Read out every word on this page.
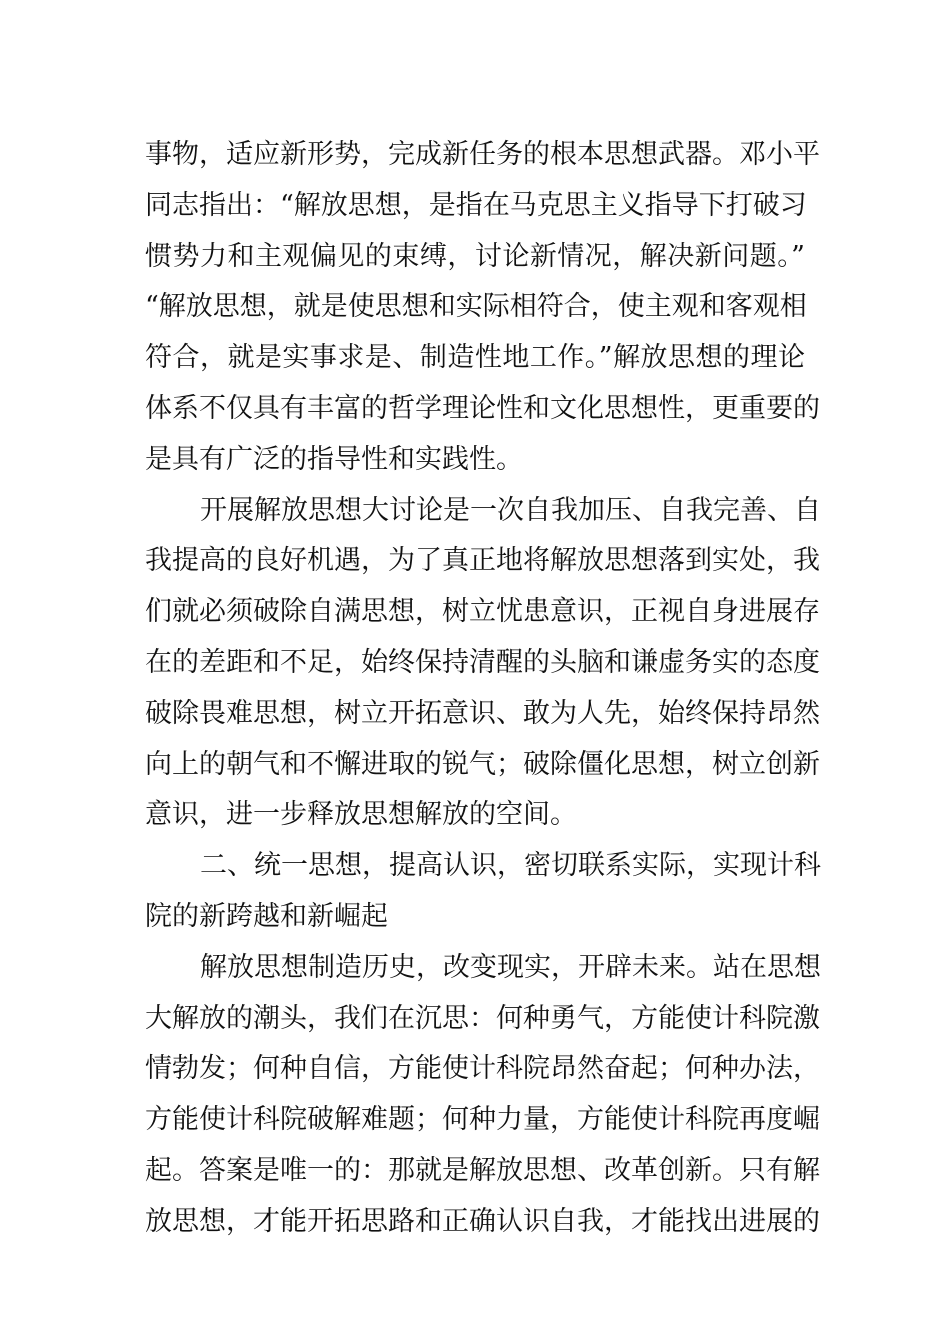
事物，适应新形势，完成新任务的根本思想武器。邓小平
同志指出：“解放思想，是指在马克思主义指导下打破习
惯势力和主观偏见的束缚，讨论新情况，解决新问题。”
“解放思想，就是使思想和实际相符合，使主观和客观相
符合，就是实事求是、制造性地工作。”解放思想的理论
体系不仅具有丰富的哲学理论性和文化思想性，更重要的
是具有广泛的指导性和实践性。
开展解放思想大讨论是一次自我加压、自我完善、自
我提高的良好机遇，为了真正地将解放思想落到实处，我
们就必须破除自满思想，树立忧患意识，正视自身进展存
在的差距和不足，始终保持清醒的头脑和谦虚务实的态度
破除畏难思想，树立开拓意识、敢为人先，始终保持昂然
向上的朝气和不懈进取的锐气；破除僵化思想，树立创新
意识，进一步释放思想解放的空间。
二、统一思想，提高认识，密切联系实际，实现计科
院的新跨越和新崛起
解放思想制造历史，改变现实，开辟未来。站在思想
大解放的潮头，我们在沉思：何种勇气，方能使计科院激
情勃发；何种自信，方能使计科院昂然奋起；何种办法，
方能使计科院破解难题；何种力量，方能使计科院再度崛
起。答案是唯一的：那就是解放思想、改革创新。只有解
放思想，才能开拓思路和正确认识自我，才能找出进展的
